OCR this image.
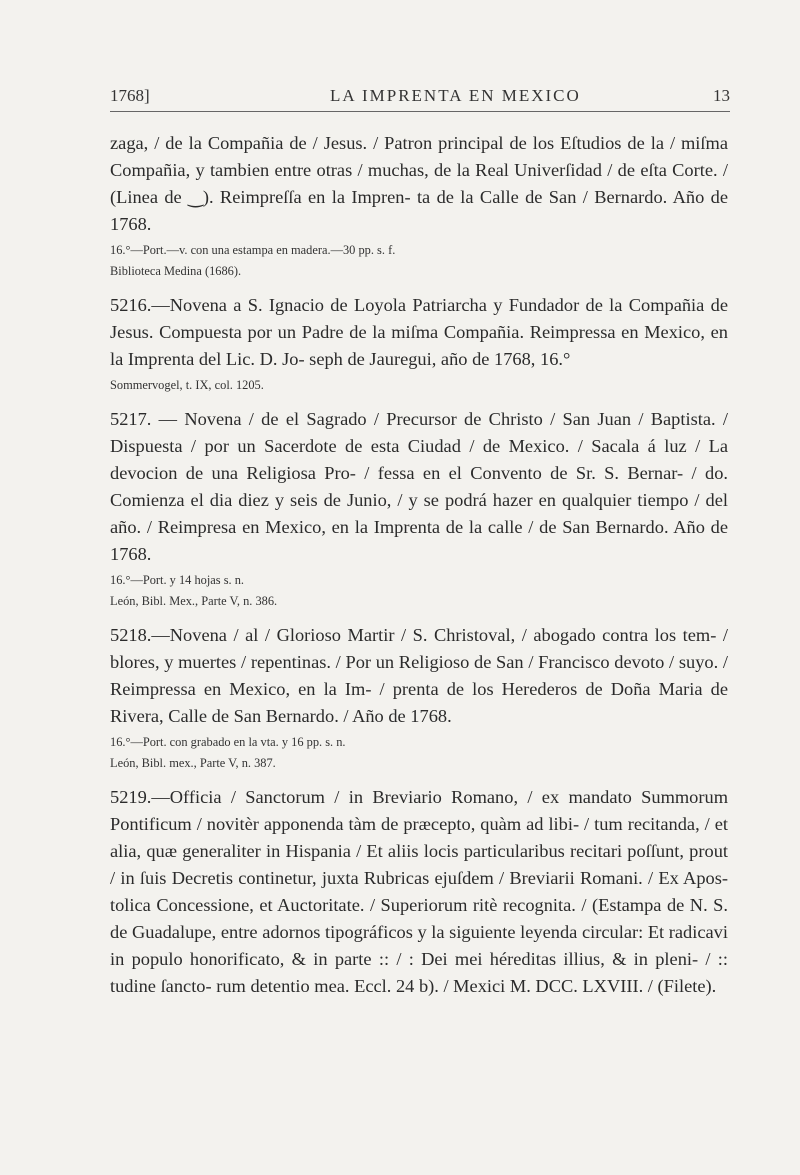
1768]	LA IMPRENTA EN MEXICO	13

zaga, / de la Compañia de / Jesus. / Patron principal de los Eſtudios de la / miſma Compañia, y tambien entre otras / muchas, de la Real Univerſidad / de eſta Corte. / (Linea de ‿). Reimpreſſa en la Impren- ta de la Calle de San / Bernardo. Año de 1768.

16.°—Port.—v. con una estampa en madera.—30 pp. s. f.

Biblioteca Medina (1686).

5216.—Novena a S. Ignacio de Loyola Patriarcha y Fundador de la Compañia de Jesus. Compuesta por un Padre de la miſma Compañia. Reimpressa en Mexico, en la Imprenta del Lic. D. Jo- seph de Jauregui, año de 1768, 16.°

Sommervogel, t. IX, col. 1205.

5217. — Novena / de el Sagrado / Precursor de Christo / San Juan / Baptista. / Dispuesta / por un Sacerdote de esta Ciudad / de Mexico. / Sacala á luz / La devocion de una Religiosa Pro- / fessa en el Convento de Sr. S. Bernar- / do. Comienza el dia diez y seis de Junio, / y se podrá hazer en qualquier tiempo / del año. / Reimpresa en Mexico, en la Imprenta de la calle / de San Bernardo. Año de 1768.

16.°—Port. y 14 hojas s. n.

León, Bibl. Mex., Parte V, n. 386.

5218.—Novena / al / Glorioso Martir / S. Christoval, / abogado contra los tem- / blores, y muertes / repentinas. / Por un Religioso de San / Francisco devoto / suyo. / Reimpressa en Mexico, en la Im- / prenta de los Herederos de Doña Maria de Rivera, Calle de San Bernardo. / Año de 1768.

16.°—Port. con grabado en la vta. y 16 pp. s. n.

León, Bibl. mex., Parte V, n. 387.

5219.—Officia / Sanctorum / in Breviario Romano, / ex mandato Summorum Pontificum / novitèr apponenda tàm de præcepto, quàm ad libi- / tum recitanda, / et alia, quæ generaliter in Hispania / Et aliis locis particularibus recitari poſſunt, prout / in ſuis Decretis continetur, juxta Rubricas ejuſdem / Breviarii Romani. / Ex Apos- tolica Concessione, et Auctoritate. / Superiorum ritè recognita. / (Estampa de N. S. de Guadalupe, entre adornos tipográficos y la siguiente leyenda circular: Et radicavi in populo honorificato, & in parte :: / : Dei mei héreditas illius, & in pleni- / :: tudine ſancto- rum detentio mea. Eccl. 24 b). / Mexici M. DCC. LXVIII. / (Filete).
